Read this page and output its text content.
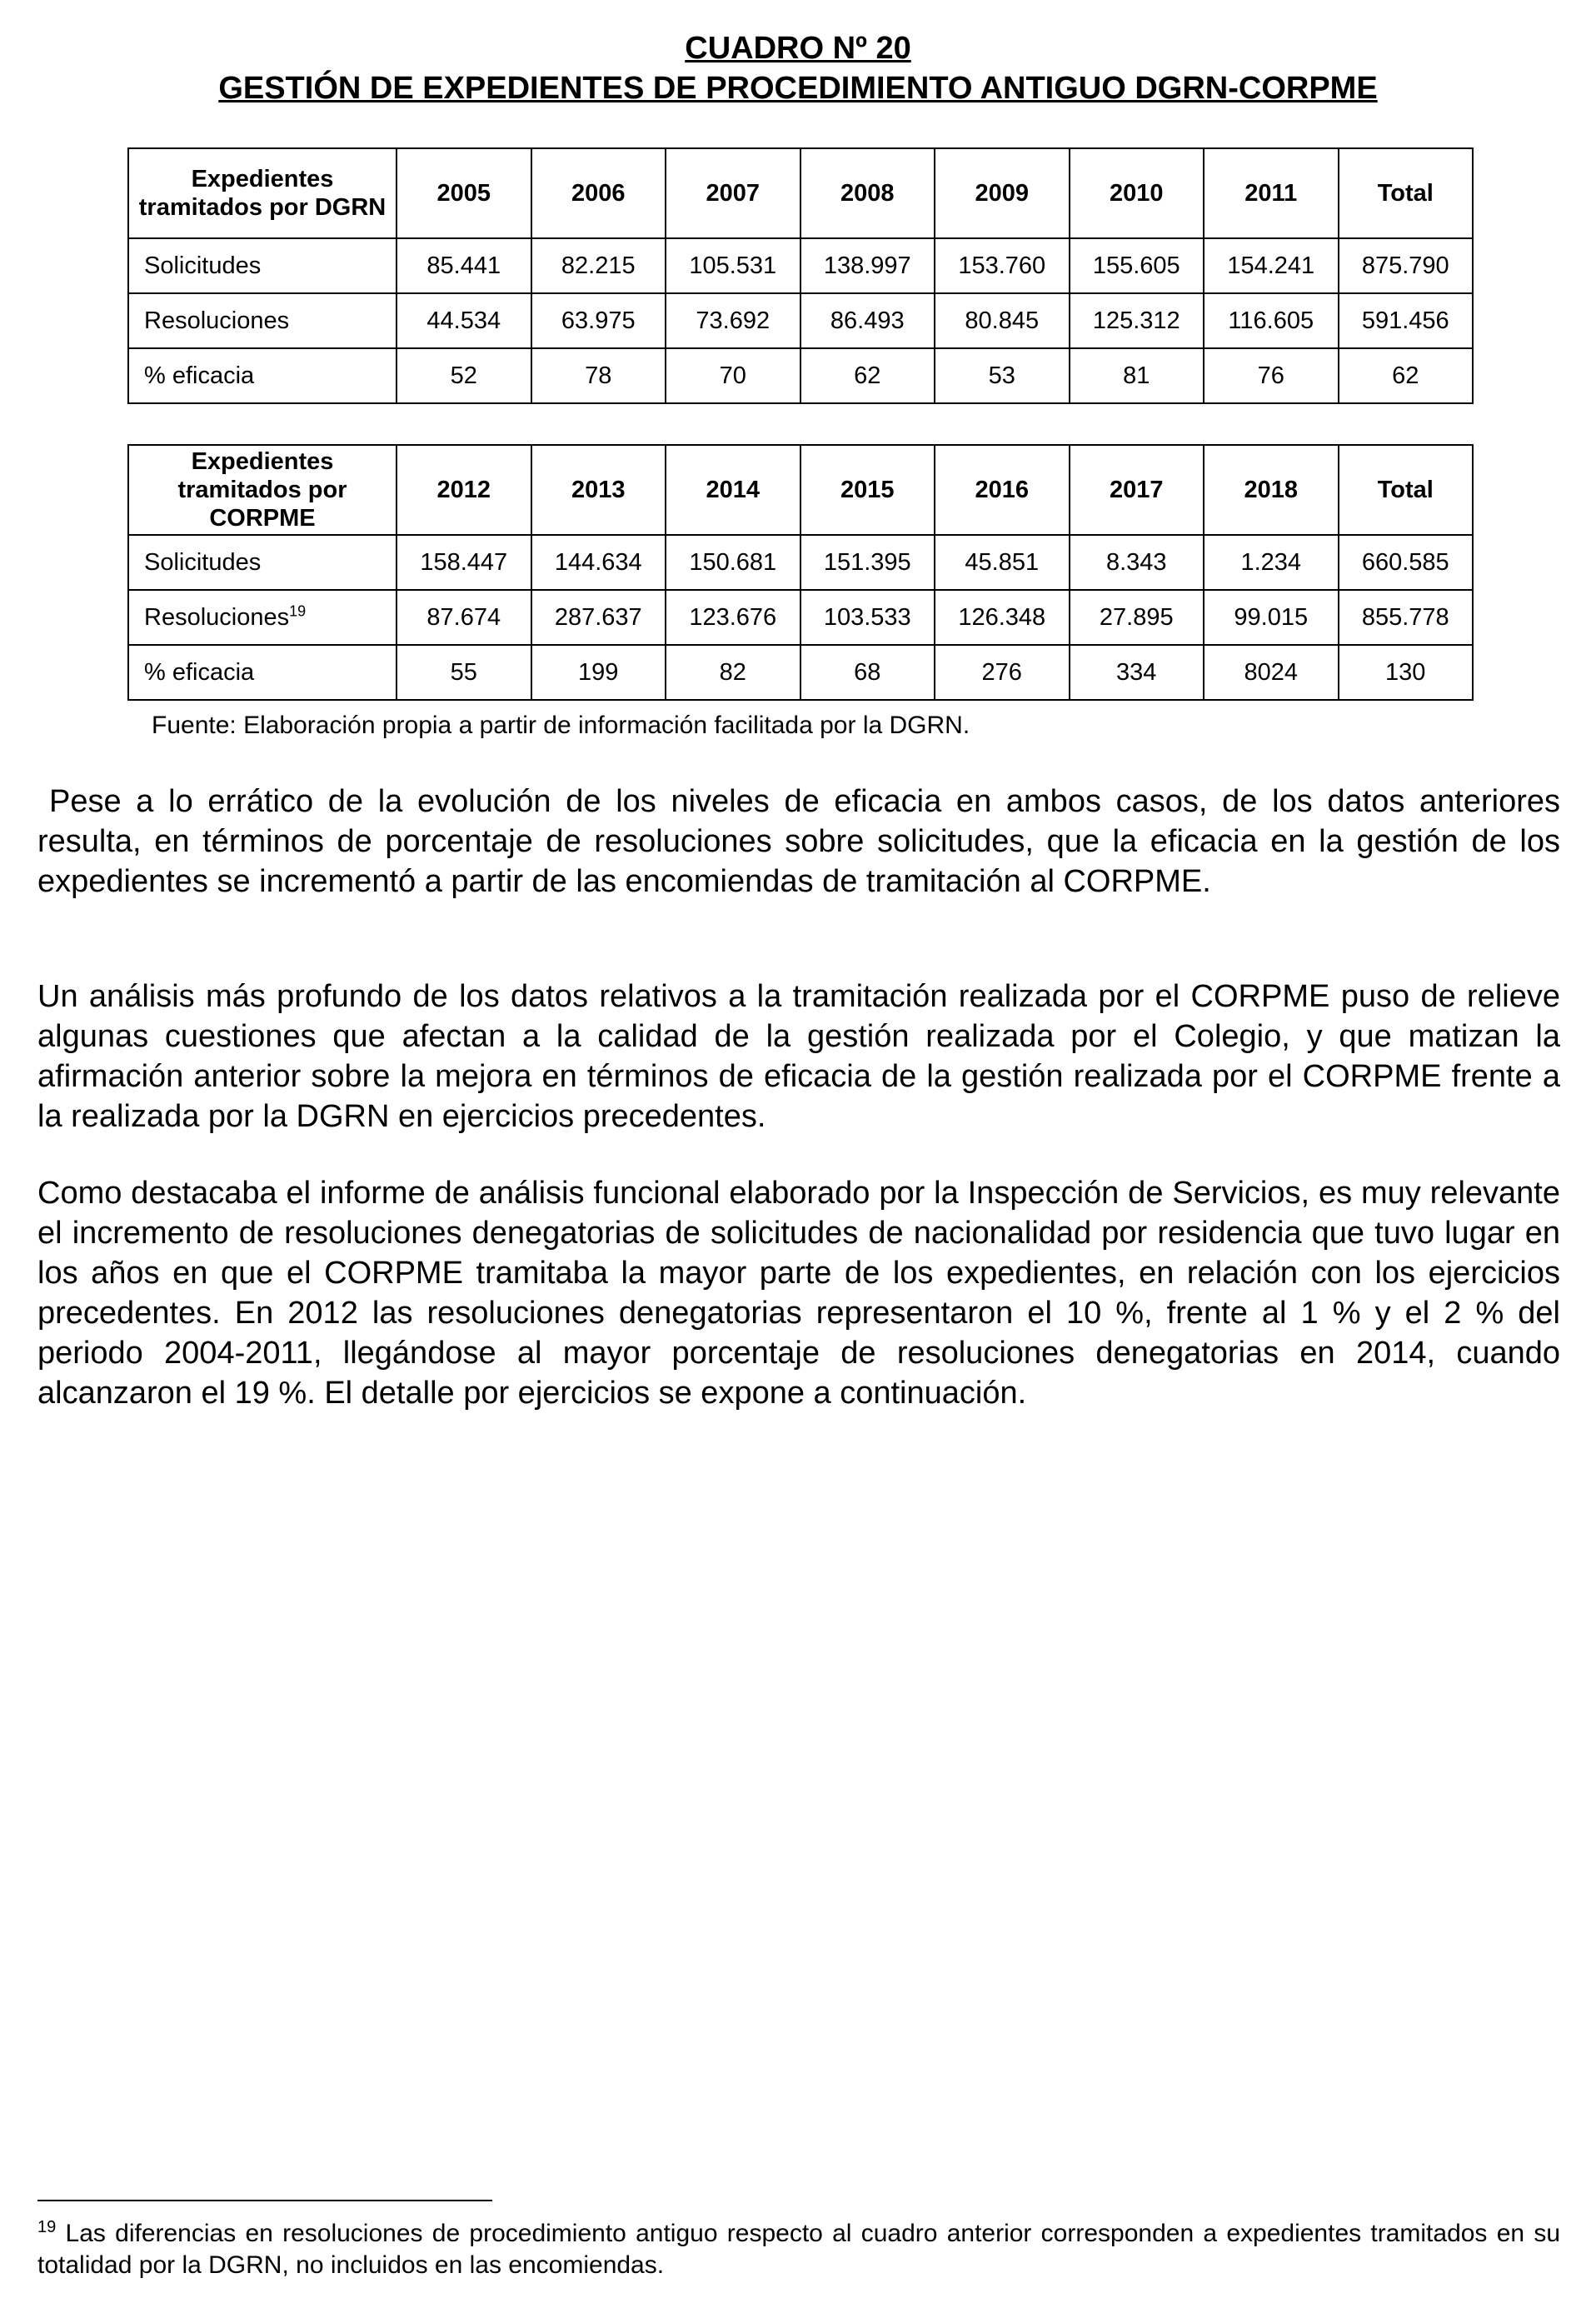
CUADRO Nº 20
GESTIÓN DE EXPEDIENTES DE PROCEDIMIENTO ANTIGUO DGRN-CORPME
Expedientes tramitados por DGRN	2005	2006	2007	2008	2009	2010	2011	Total
Solicitudes	85.441	82.215	105.531	138.997	153.760	155.605	154.241	875.790
Resoluciones	44.534	63.975	73.692	86.493	80.845	125.312	116.605	591.456
% eficacia	52	78	70	62	53	81	76	62
Expedientes tramitados por CORPME	2012	2013	2014	2015	2016	2017	2018	Total
Solicitudes	158.447	144.634	150.681	151.395	45.851	8.343	1.234	660.585
Resoluciones$^{19}$	87.674	287.637	123.676	103.533	126.348	27.895	99.015	855.778
% eficacia	55	199	82	68	276	334	8024	130
Fuente: Elaboración propia a partir de información facilitada por la DGRN.

Pese a lo errático de la evolución de los niveles de eficacia en ambos casos, de los datos anteriores resulta, en términos de porcentaje de resoluciones sobre solicitudes, que la eficacia en la gestión de los expedientes se incrementó a partir de las encomiendas de tramitación al CORPME.

Un análisis más profundo de los datos relativos a la tramitación realizada por el CORPME puso de relieve algunas cuestiones que afectan a la calidad de la gestión realizada por el Colegio, y que matizan la afirmación anterior sobre la mejora en términos de eficacia de la gestión realizada por el CORPME frente a la realizada por la DGRN en ejercicios precedentes.

Como destacaba el informe de análisis funcional elaborado por la Inspección de Servicios, es muy relevante el incremento de resoluciones denegatorias de solicitudes de nacionalidad por residencia que tuvo lugar en los años en que el CORPME tramitaba la mayor parte de los expedientes, en relación con los ejercicios precedentes. En 2012 las resoluciones denegatorias representaron el 10 %, frente al 1 % y el 2 % del periodo 2004-2011, llegándose al mayor porcentaje de resoluciones denegatorias en 2014, cuando alcanzaron el 19 %. El detalle por ejercicios se expone a continuación.

$^{19}$ Las diferencias en resoluciones de procedimiento antiguo respecto al cuadro anterior corresponden a expedientes tramitados en su totalidad por la DGRN, no incluidos en las encomiendas.
